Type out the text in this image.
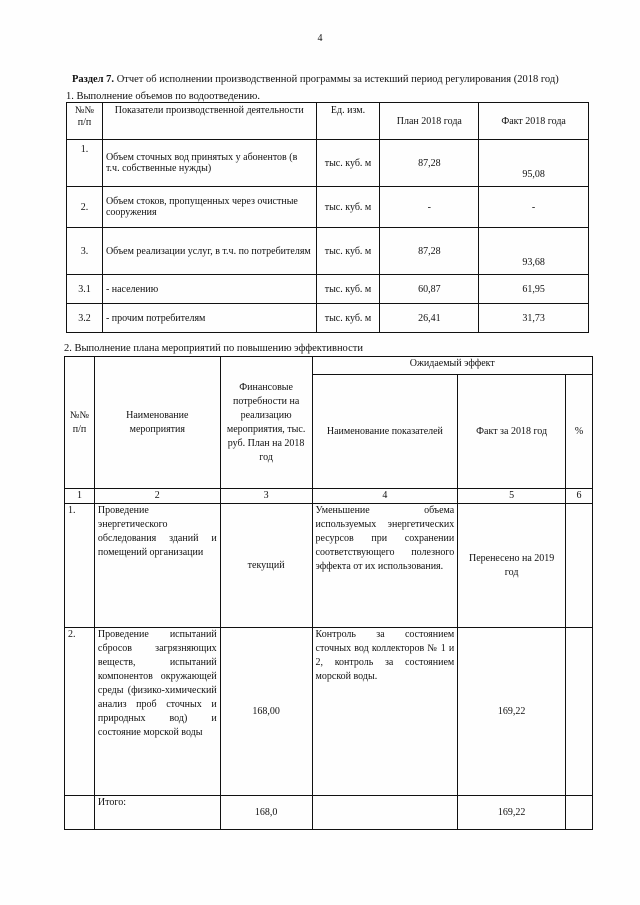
4
Раздел 7. Отчет об исполнении производственной программы за истекший период регулирования (2018 год)
1. Выполнение объемов по водоотведению.
№№ п/п	Показатели производственной деятельности	Ед. изм.	План 2018 года	Факт 2018 года
1.	Объем сточных вод принятых у абонентов (в т.ч. собственные нужды)	тыс. куб. м	87,28	95,08
2.	Объем стоков, пропущенных через очистные сооружения	тыс. куб. м	-	-
3.	Объем реализации услуг, в т.ч. по потребителям	тыс. куб. м	87,28	93,68
3.1	- населению	тыс. куб. м	60,87	61,95
3.2	- прочим потребителям	тыс. куб. м	26,41	31,73
2. Выполнение плана мероприятий по повышению эффективности
№№ п/п	Наименование мероприятия	Финансовые потребности на реализацию мероприятия, тыс. руб. План на 2018 год	Ожидаемый эффект		
			Наименование показателей	Факт за 2018 год	%
1	2	3	4	5	6
1.	Проведение энергетического обследования зданий и помещений организации	текущий	Уменьшение объема используемых энергетических ресурсов при сохранении соответствующего полезного эффекта от их использования.	Перенесено на 2019 год	
2.	Проведение испытаний сбросов загрязняющих веществ, испытаний компонентов окружающей среды (физико-химический анализ проб сточных и природных вод) и состояние морской воды	168,00	Контроль за состоянием сточных вод коллекторов № 1 и 2, контроль за состоянием морской воды.	169,22	
	Итого:	168,0		169,22	
